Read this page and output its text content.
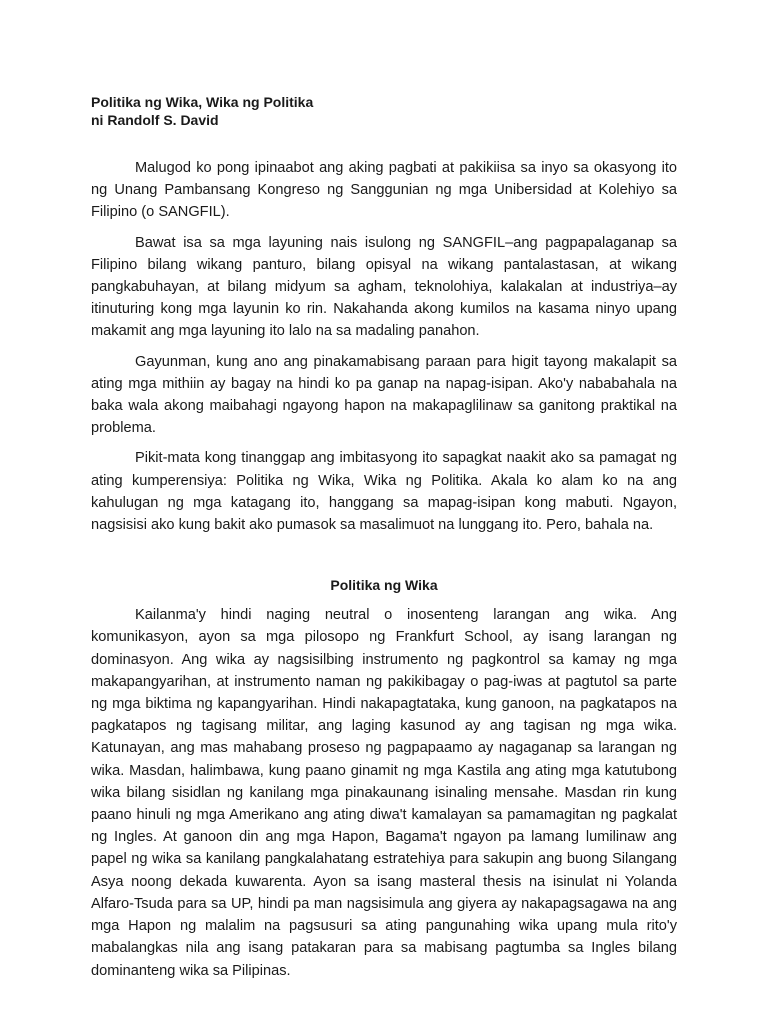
Politika ng Wika, Wika ng Politika

ni Randolf S. David

Malugod ko pong ipinaabot ang aking pagbati at pakikiisa sa inyo sa okasyong ito ng Unang Pambansang Kongreso ng Sanggunian ng mga Unibersidad at Kolehiyo sa Filipino (o SANGFIL).

Bawat isa sa mga layuning nais isulong ng SANGFIL–ang pagpapalaganap sa Filipino bilang wikang panturo, bilang opisyal na wikang pantalastasan, at wikang pangkabuhayan, at bilang midyum sa agham, teknolohiya, kalakalan at industriya–ay itinuturing kong mga layunin ko rin. Nakahanda akong kumilos na kasama ninyo upang makamit ang mga layuning ito lalo na sa madaling panahon.

Gayunman, kung ano ang pinakamabisang paraan para higit tayong makalapit sa ating mga mithiin ay bagay na hindi ko pa ganap na napag-isipan. Ako'y nababahala na baka wala akong maibahagi ngayong hapon na makapaglilinaw sa ganitong praktikal na problema.

Pikit-mata kong tinanggap ang imbitasyong ito sapagkat naakit ako sa pamagat ng ating kumperensiya: Politika ng Wika, Wika ng Politika. Akala ko alam ko na ang kahulugan ng mga katagang ito, hanggang sa mapag-isipan kong mabuti. Ngayon, nagsisisi ako kung bakit ako pumasok sa masalimuot na lunggang ito. Pero, bahala na.

Politika ng Wika

Kailanma'y hindi naging neutral o inosenteng larangan ang wika. Ang komunikasyon, ayon sa mga pilosopo ng Frankfurt School, ay isang larangan ng dominasyon. Ang wika ay nagsisilbing instrumento ng pagkontrol sa kamay ng mga makapangyarihan, at instrumento naman ng pakikibagay o pag-iwas at pagtutol sa parte ng mga biktima ng kapangyarihan. Hindi nakapagtataka, kung ganoon, na pagkatapos na pagkatapos ng tagisang militar, ang laging kasunod ay ang tagisan ng mga wika. Katunayan, ang mas mahabang proseso ng pagpapaamo ay nagaganap sa larangan ng wika. Masdan, halimbawa, kung paano ginamit ng mga Kastila ang ating mga katutubong wika bilang sisidlan ng kanilang mga pinakaunang isinaling mensahe. Masdan rin kung paano hinuli ng mga Amerikano ang ating diwa't kamalayan sa pamamagitan ng pagkalat ng Ingles. At ganoon din ang mga Hapon, Bagama't ngayon pa lamang lumilinaw ang papel ng wika sa kanilang pangkalahatang estratehiya para sakupin ang buong Silangang Asya noong dekada kuwarenta. Ayon sa isang masteral thesis na isinulat ni Yolanda Alfaro-Tsuda para sa UP, hindi pa man nagsisimula ang giyera ay nakapagsagawa na ang mga Hapon ng malalim na pagsusuri sa ating pangunahing wika upang mula rito'y mabalangkas nila ang isang patakaran para sa mabisang pagtumba sa Ingles bilang dominanteng wika sa Pilipinas.
